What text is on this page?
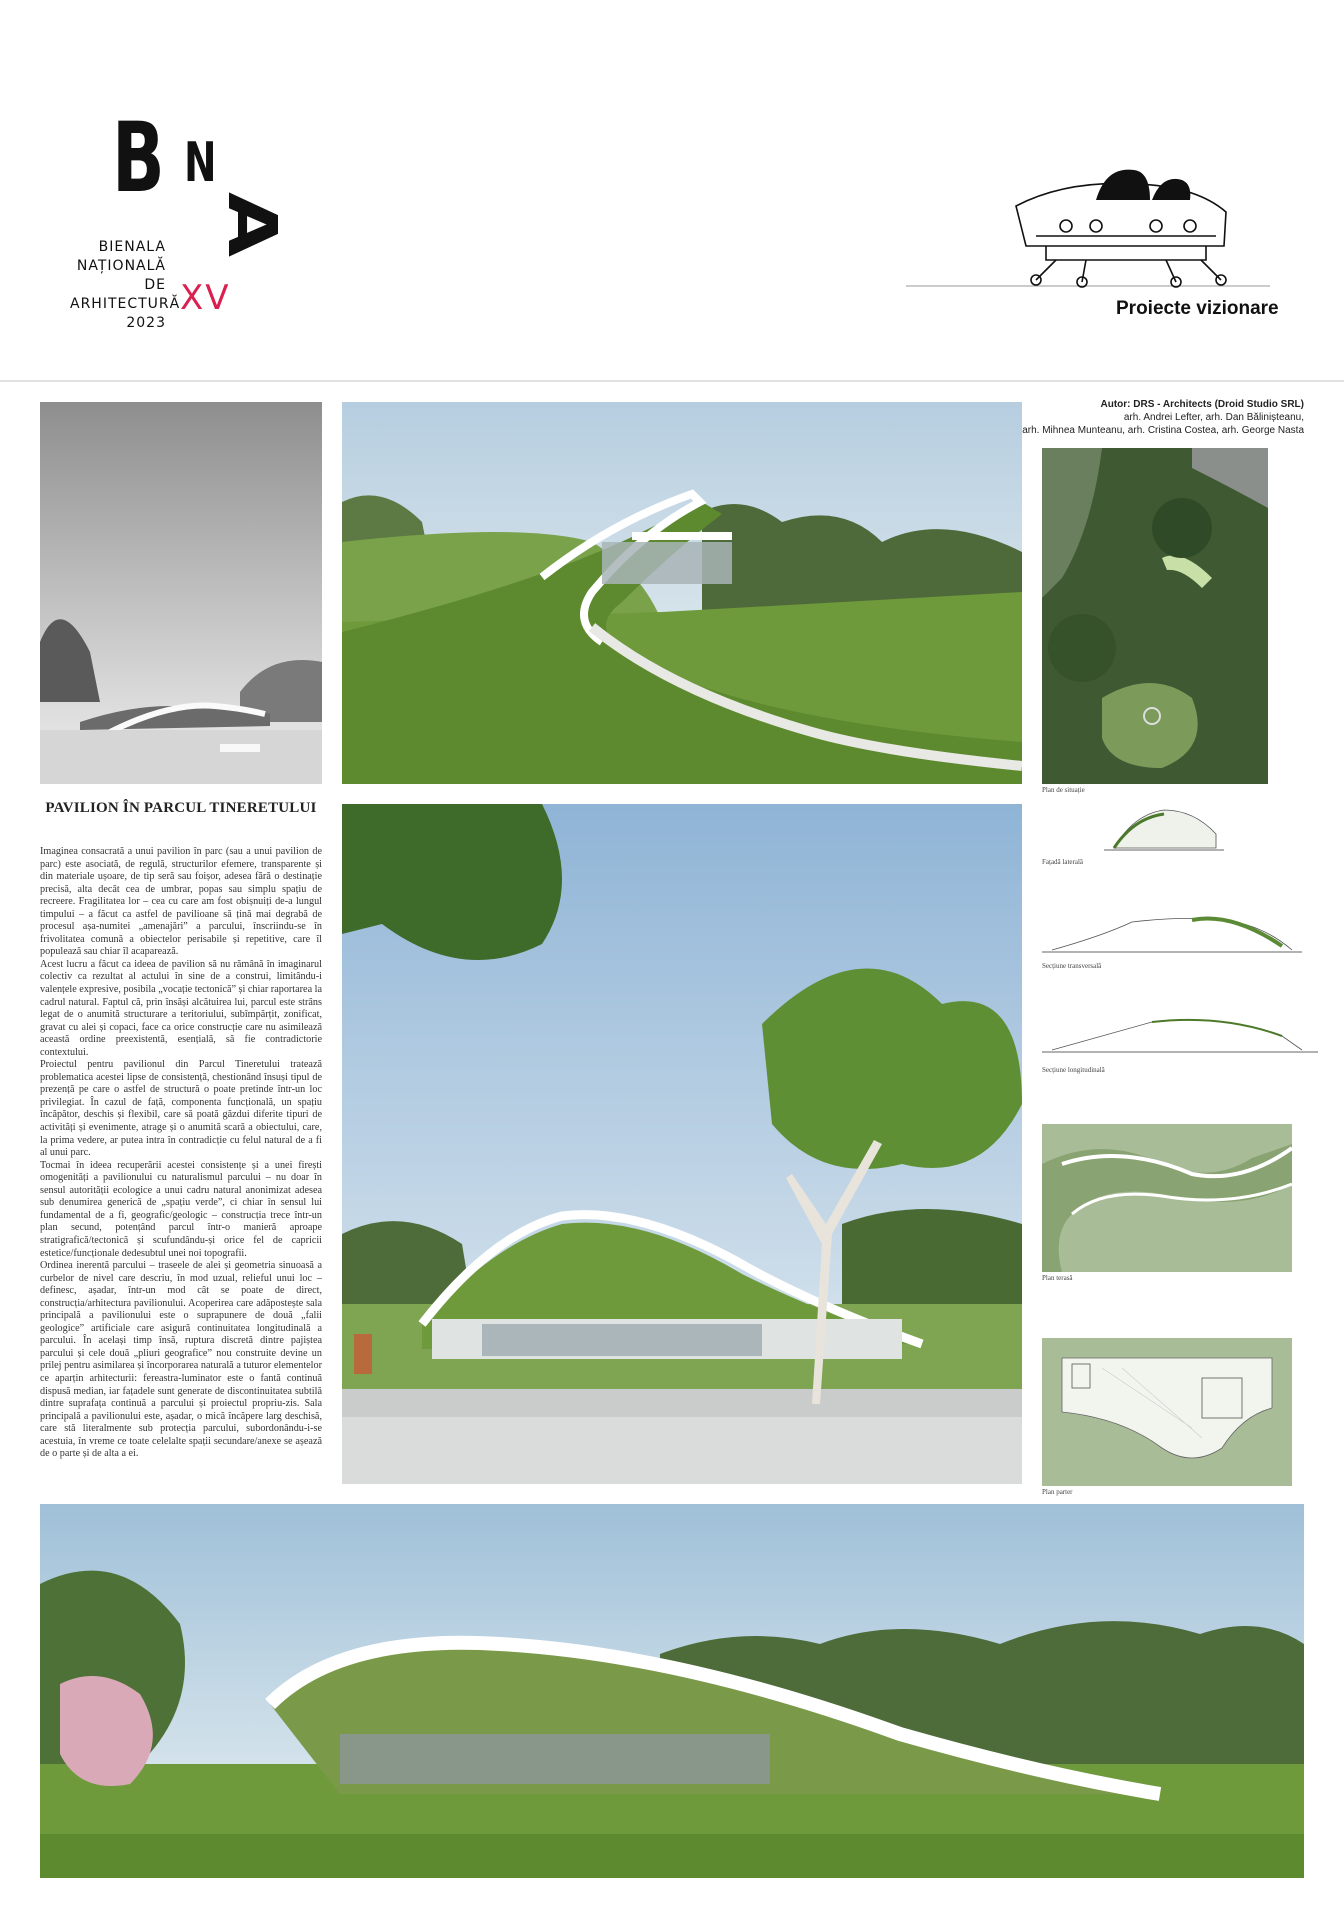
B N
A
BIENALA
NAȚIONALĂ
DE
ARHITECTURĂ
2023
XV	Proiecte vizionare
PAVILION ÎN PARCUL TINERETULUI

Imaginea consacrată a unui pavilion în parc (sau a unui pavilion de parc) este asociată, de regulă, structurilor efemere, transparente și din materiale ușoare, de tip seră sau foișor, adesea fără o destinație precisă, alta decât cea de umbrar, popas sau simplu spațiu de recreere. Fragilitatea lor – cea cu care am fost obișnuiți de-a lungul timpului – a făcut ca astfel de pavilioane să țină mai degrabă de procesul așa-numitei „amenajări” a parcului, înscriindu-se în frivolitatea comună a obiectelor perisabile și repetitive, care îl populează sau chiar îl acaparează.

Acest lucru a făcut ca ideea de pavilion să nu rămână în imaginarul colectiv ca rezultat al actului în sine de a construi, limitându-i valențele expresive, posibila „vocație tectonică” și chiar raportarea la cadrul natural. Faptul că, prin însăși alcătuirea lui, parcul este strâns legat de o anumită structurare a teritoriului, subîmpărțit, zonificat, gravat cu alei și copaci, face ca orice construcție care nu asimilează această ordine preexistentă, esențială, să fie contradictorie contextului.

Proiectul pentru pavilionul din Parcul Tineretului tratează problematica acestei lipse de consistență, chestionând însuși tipul de prezență pe care o astfel de structură o poate pretinde într-un loc privilegiat. În cazul de față, componenta funcțională, un spațiu încăpător, deschis și flexibil, care să poată găzdui diferite tipuri de activități și evenimente, atrage și o anumită scară a obiectului, care, la prima vedere, ar putea intra în contradicție cu felul natural de a fi al unui parc.

Tocmai în ideea recuperării acestei consistențe și a unei firești omogenități a pavilionului cu naturalismul parcului – nu doar în sensul autorității ecologice a unui cadru natural anonimizat adesea sub denumirea generică de „spațiu verde”, ci chiar în sensul lui fundamental de a fi, geografic/geologic – construcția trece într-un plan secund, potențând parcul într-o manieră aproape stratigrafică/tectonică și scufundându-și orice fel de capricii estetice/funcționale dedesubtul unei noi topografii.

Ordinea inerentă parcului – traseele de alei și geometria sinuoasă a curbelor de nivel care descriu, în mod uzual, relieful unui loc – definesc, așadar, într-un mod cât se poate de direct, construcția/arhitectura pavilionului. Acoperirea care adăpostește sala principală a pavilionului este o suprapunere de două „falii geologice” artificiale care asigură continuitatea longitudinală a parcului. În același timp însă, ruptura discretă dintre pajiștea parcului și cele două „pliuri geografice” nou construite devine un prilej pentru asimilarea și încorporarea naturală a tuturor elementelor ce aparțin arhitecturii: fereastra-luminator este o fantă continuă dispusă median, iar fațadele sunt generate de discontinuitatea subtilă dintre suprafața continuă a parcului și proiectul propriu-zis. Sala principală a pavilionului este, așadar, o mică încăpere larg deschisă, care stă literalmente sub protecția parcului, subordonându-i-se acestuia, în vreme ce toate celelalte spații secundare/anexe se așează de o parte și de alta a ei.

Autor: DRS - Architects (Droid Studio SRL)
arh. Andrei Lefter, arh. Dan Bălinișteanu,
arh. Mihnea Munteanu, arh. Cristina Costea, arh. George Nasta
Plan de situație
Fațadă laterală
Secțiune transversală
Secțiune longitudinală
Plan terasă
Plan parter
